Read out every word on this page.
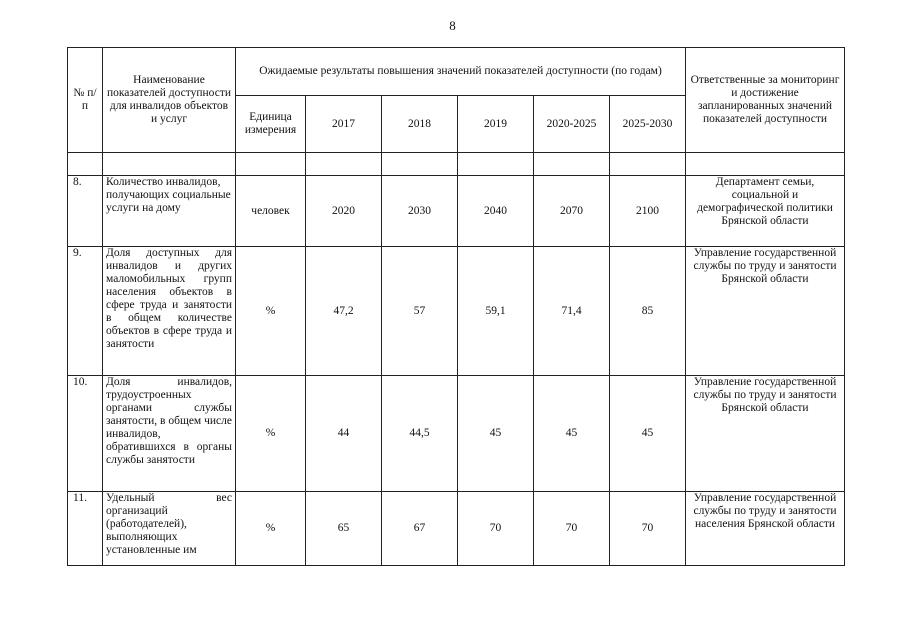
8
№ п/п	Наименование показателей доступности для инвалидов объектов и услуг	Ожидаемые результаты повышения значений показателей доступности (по годам)						Ответственные за мониторинг и достижение запланированных значений показателей доступности
		Единица измерения	2017	2018	2019	2020-2025	2025-2030	

8.	Количество инвалидов, получающих социальные услуги на дому	человек	2020	2030	2040	2070	2100	Департамент семьи, социальной и демографической политики Брянской области
9.	Доля доступных для инвалидов и других маломобильных групп населения объектов в сфере труда и занятости в общем количестве объектов в сфере труда и занятости	%	47,2	57	59,1	71,4	85	Управление государственной службы по труду и занятости Брянской области
10.	Доля инвалидов, трудоустроенных органами службы занятости, в общем числе инвалидов, обратившихся в органы службы занятости	%	44	44,5	45	45	45	Управление государственной службы по труду и занятости Брянской области
11.	Удельный вес организаций (работодателей), выполняющих установленные им	%	65	67	70	70	70	Управление государственной службы по труду и занятости населения Брянской области
